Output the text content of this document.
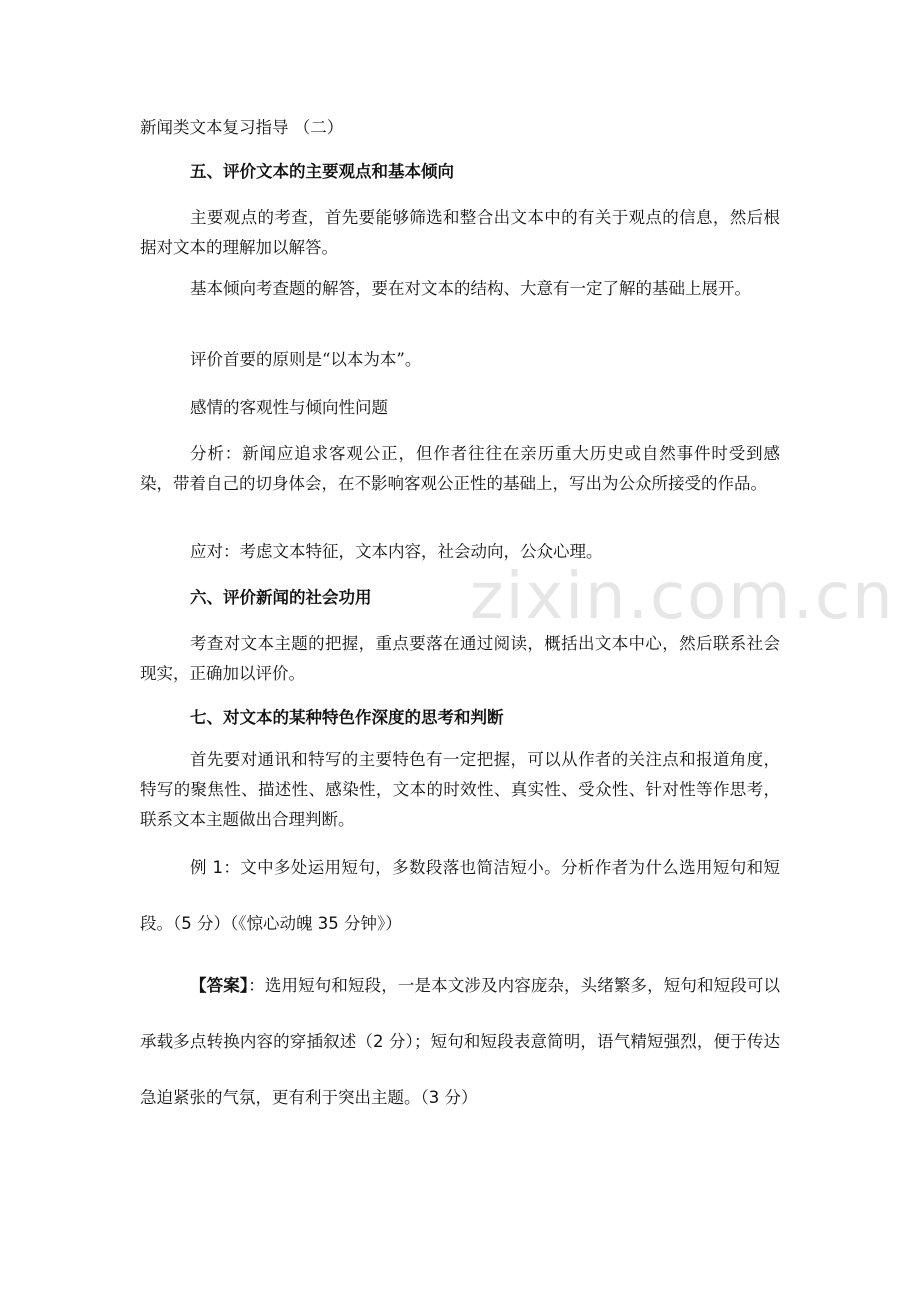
新闻类文本复习指导 （二）

五、评价文本的主要观点和基本倾向

主要观点的考查，首先要能够筛选和整合出文本中的有关于观点的信息，然后根据对文本的理解加以解答。

基本倾向考查题的解答，要在对文本的结构、大意有一定了解的基础上展开。

评价首要的原则是“以本为本”。

感情的客观性与倾向性问题

分析：新闻应追求客观公正，但作者往往在亲历重大历史或自然事件时受到感染，带着自己的切身体会，在不影响客观公正性的基础上，写出为公众所接受的作品。

应对：考虑文本特征，文本内容，社会动向，公众心理。

六、评价新闻的社会功用

考查对文本主题的把握，重点要落在通过阅读，概括出文本中心，然后联系社会现实，正确加以评价。

七、对文本的某种特色作深度的思考和判断

首先要对通讯和特写的主要特色有一定把握，可以从作者的关注点和报道角度，特写的聚焦性、描述性、感染性，文本的时效性、真实性、受众性、针对性等作思考，联系文本主题做出合理判断。

例 1：文中多处运用短句，多数段落也简洁短小。分析作者为什么选用短句和短段。（5 分）（《惊心动魄 35 分钟》）

【答案】：选用短句和短段，一是本文涉及内容庞杂，头绪繁多，短句和短段可以承载多点转换内容的穿插叙述（2 分）；短句和短段表意简明，语气精短强烈，便于传达急迫紧张的气氛，更有利于突出主题。（3 分）

zixin.com.cn
